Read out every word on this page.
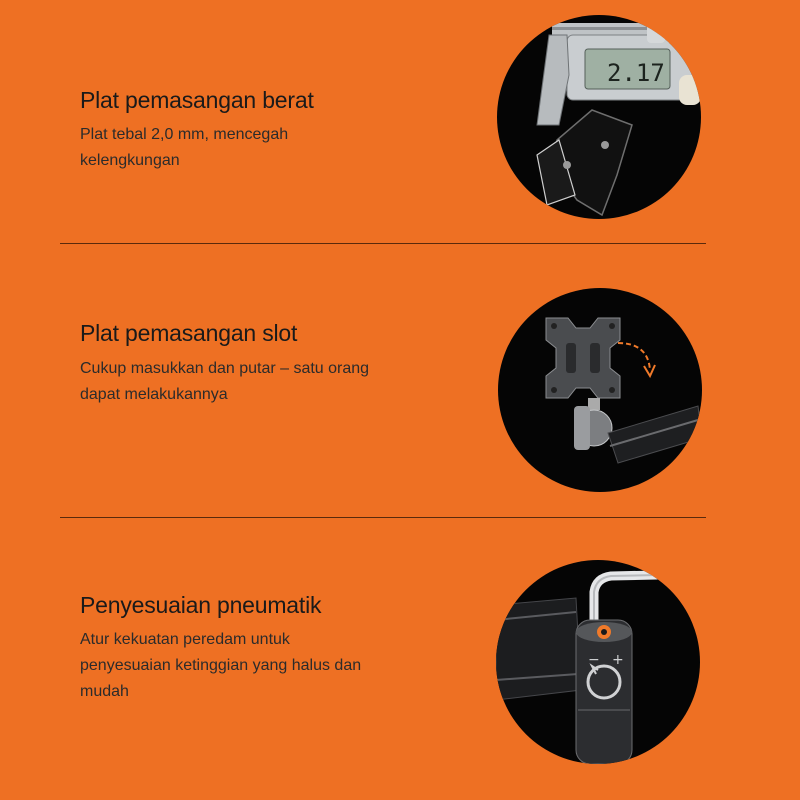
Plat pemasangan berat

Plat tebal 2,0 mm, mencegah
kelengkungan

2.17
Plat pemasangan slot

Cukup masukkan dan putar – satu orang
dapat melakukannya

Penyesuaian pneumatik

Atur kekuatan peredam untuk
penyesuaian ketinggian yang halus dan
mudah

− +
